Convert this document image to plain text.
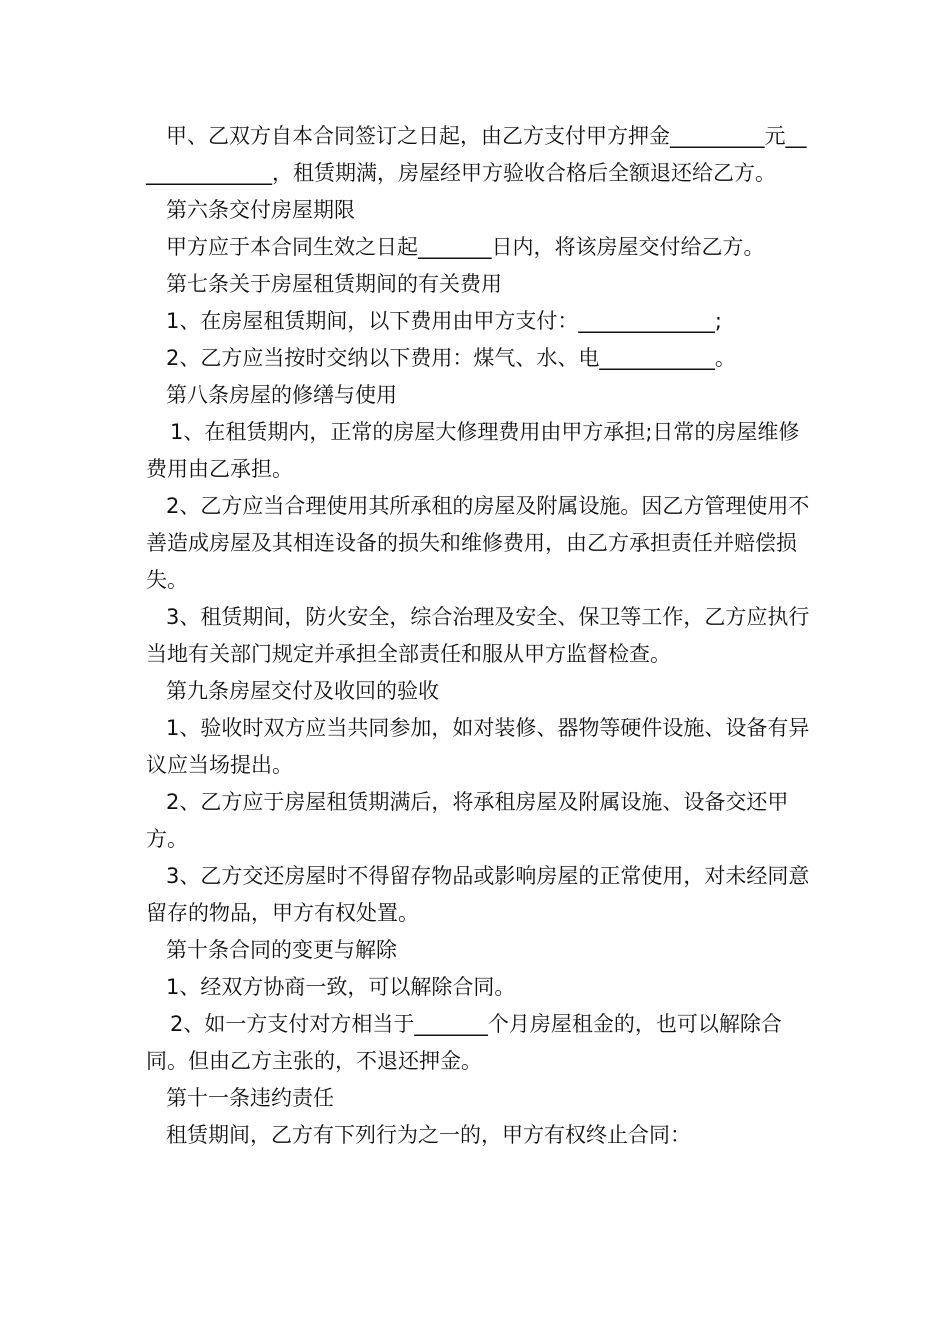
甲、乙双方自本合同签订之日起，由乙方支付甲方押金_________元______________，租赁期满，房屋经甲方验收合格后全额退还给乙方。

第六条交付房屋期限

甲方应于本合同生效之日起_______日内，将该房屋交付给乙方。

第七条关于房屋租赁期间的有关费用

1、在房屋租赁期间，以下费用由甲方支付：_____________;

2、乙方应当按时交纳以下费用：煤气、水、电___________。

第八条房屋的修缮与使用

1、在租赁期内，正常的房屋大修理费用由甲方承担;日常的房屋维修费用由乙承担。

2、乙方应当合理使用其所承租的房屋及附属设施。因乙方管理使用不善造成房屋及其相连设备的损失和维修费用，由乙方承担责任并赔偿损失。

3、租赁期间，防火安全，综合治理及安全、保卫等工作，乙方应执行当地有关部门规定并承担全部责任和服从甲方监督检查。

第九条房屋交付及收回的验收

1、验收时双方应当共同参加，如对装修、器物等硬件设施、设备有异议应当场提出。

2、乙方应于房屋租赁期满后，将承租房屋及附属设施、设备交还甲方。

3、乙方交还房屋时不得留存物品或影响房屋的正常使用，对未经同意留存的物品，甲方有权处置。

第十条合同的变更与解除

1、经双方协商一致，可以解除合同。

2、如一方支付对方相当于_______个月房屋租金的，也可以解除合同。但由乙方主张的，不退还押金。

第十一条违约责任

租赁期间，乙方有下列行为之一的，甲方有权终止合同：
